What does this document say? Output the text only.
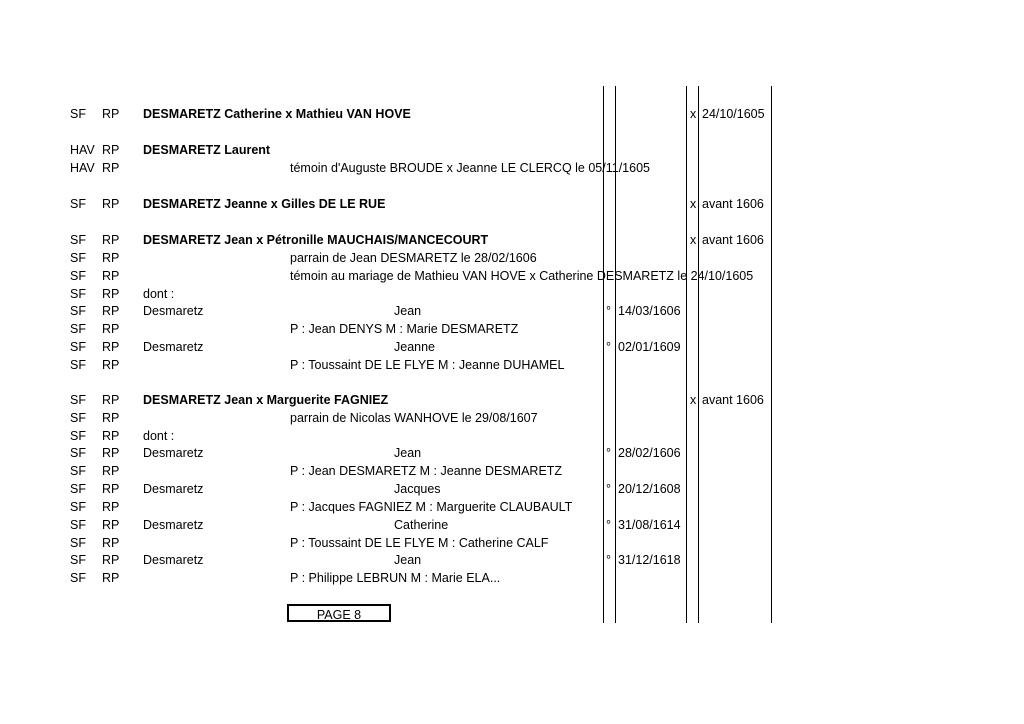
SF RP DESMARETZ Catherine x Mathieu VAN HOVE	x 24/10/1605
HAV RP DESMARETZ Laurent
HAV RP	témoin d'Auguste BROUDE x Jeanne LE CLERCQ le 05/11/1605
SF RP DESMARETZ Jeanne x Gilles DE LE RUE	x avant 1606
SF RP DESMARETZ Jean x Pétronille MAUCHAIS/MANCECOURT	x avant 1606
SF RP	parrain de Jean DESMARETZ le 28/02/1606
SF RP	témoin au mariage de Mathieu VAN HOVE x Catherine DESMARETZ le 24/10/1605
SF RP dont :
SF RP Desmaretz	Jean	° 14/03/1606
SF RP	P : Jean DENYS M : Marie DESMARETZ
SF RP Desmaretz	Jeanne	° 02/01/1609
SF RP	P : Toussaint DE LE FLYE M : Jeanne DUHAMEL
SF RP DESMARETZ Jean x Marguerite FAGNIEZ	x avant 1606
SF RP	parrain de Nicolas WANHOVE le 29/08/1607
SF RP dont :
SF RP Desmaretz	Jean	° 28/02/1606
SF RP	P : Jean DESMARETZ M : Jeanne DESMARETZ
SF RP Desmaretz	Jacques	° 20/12/1608
SF RP	P : Jacques FAGNIEZ M : Marguerite CLAUBAULT
SF RP Desmaretz	Catherine	° 31/08/1614
SF RP	P : Toussaint DE LE FLYE M : Catherine CALF
SF RP Desmaretz	Jean	° 31/12/1618
SF RP	P : Philippe LEBRUN M : Marie ELA...
PAGE 8
